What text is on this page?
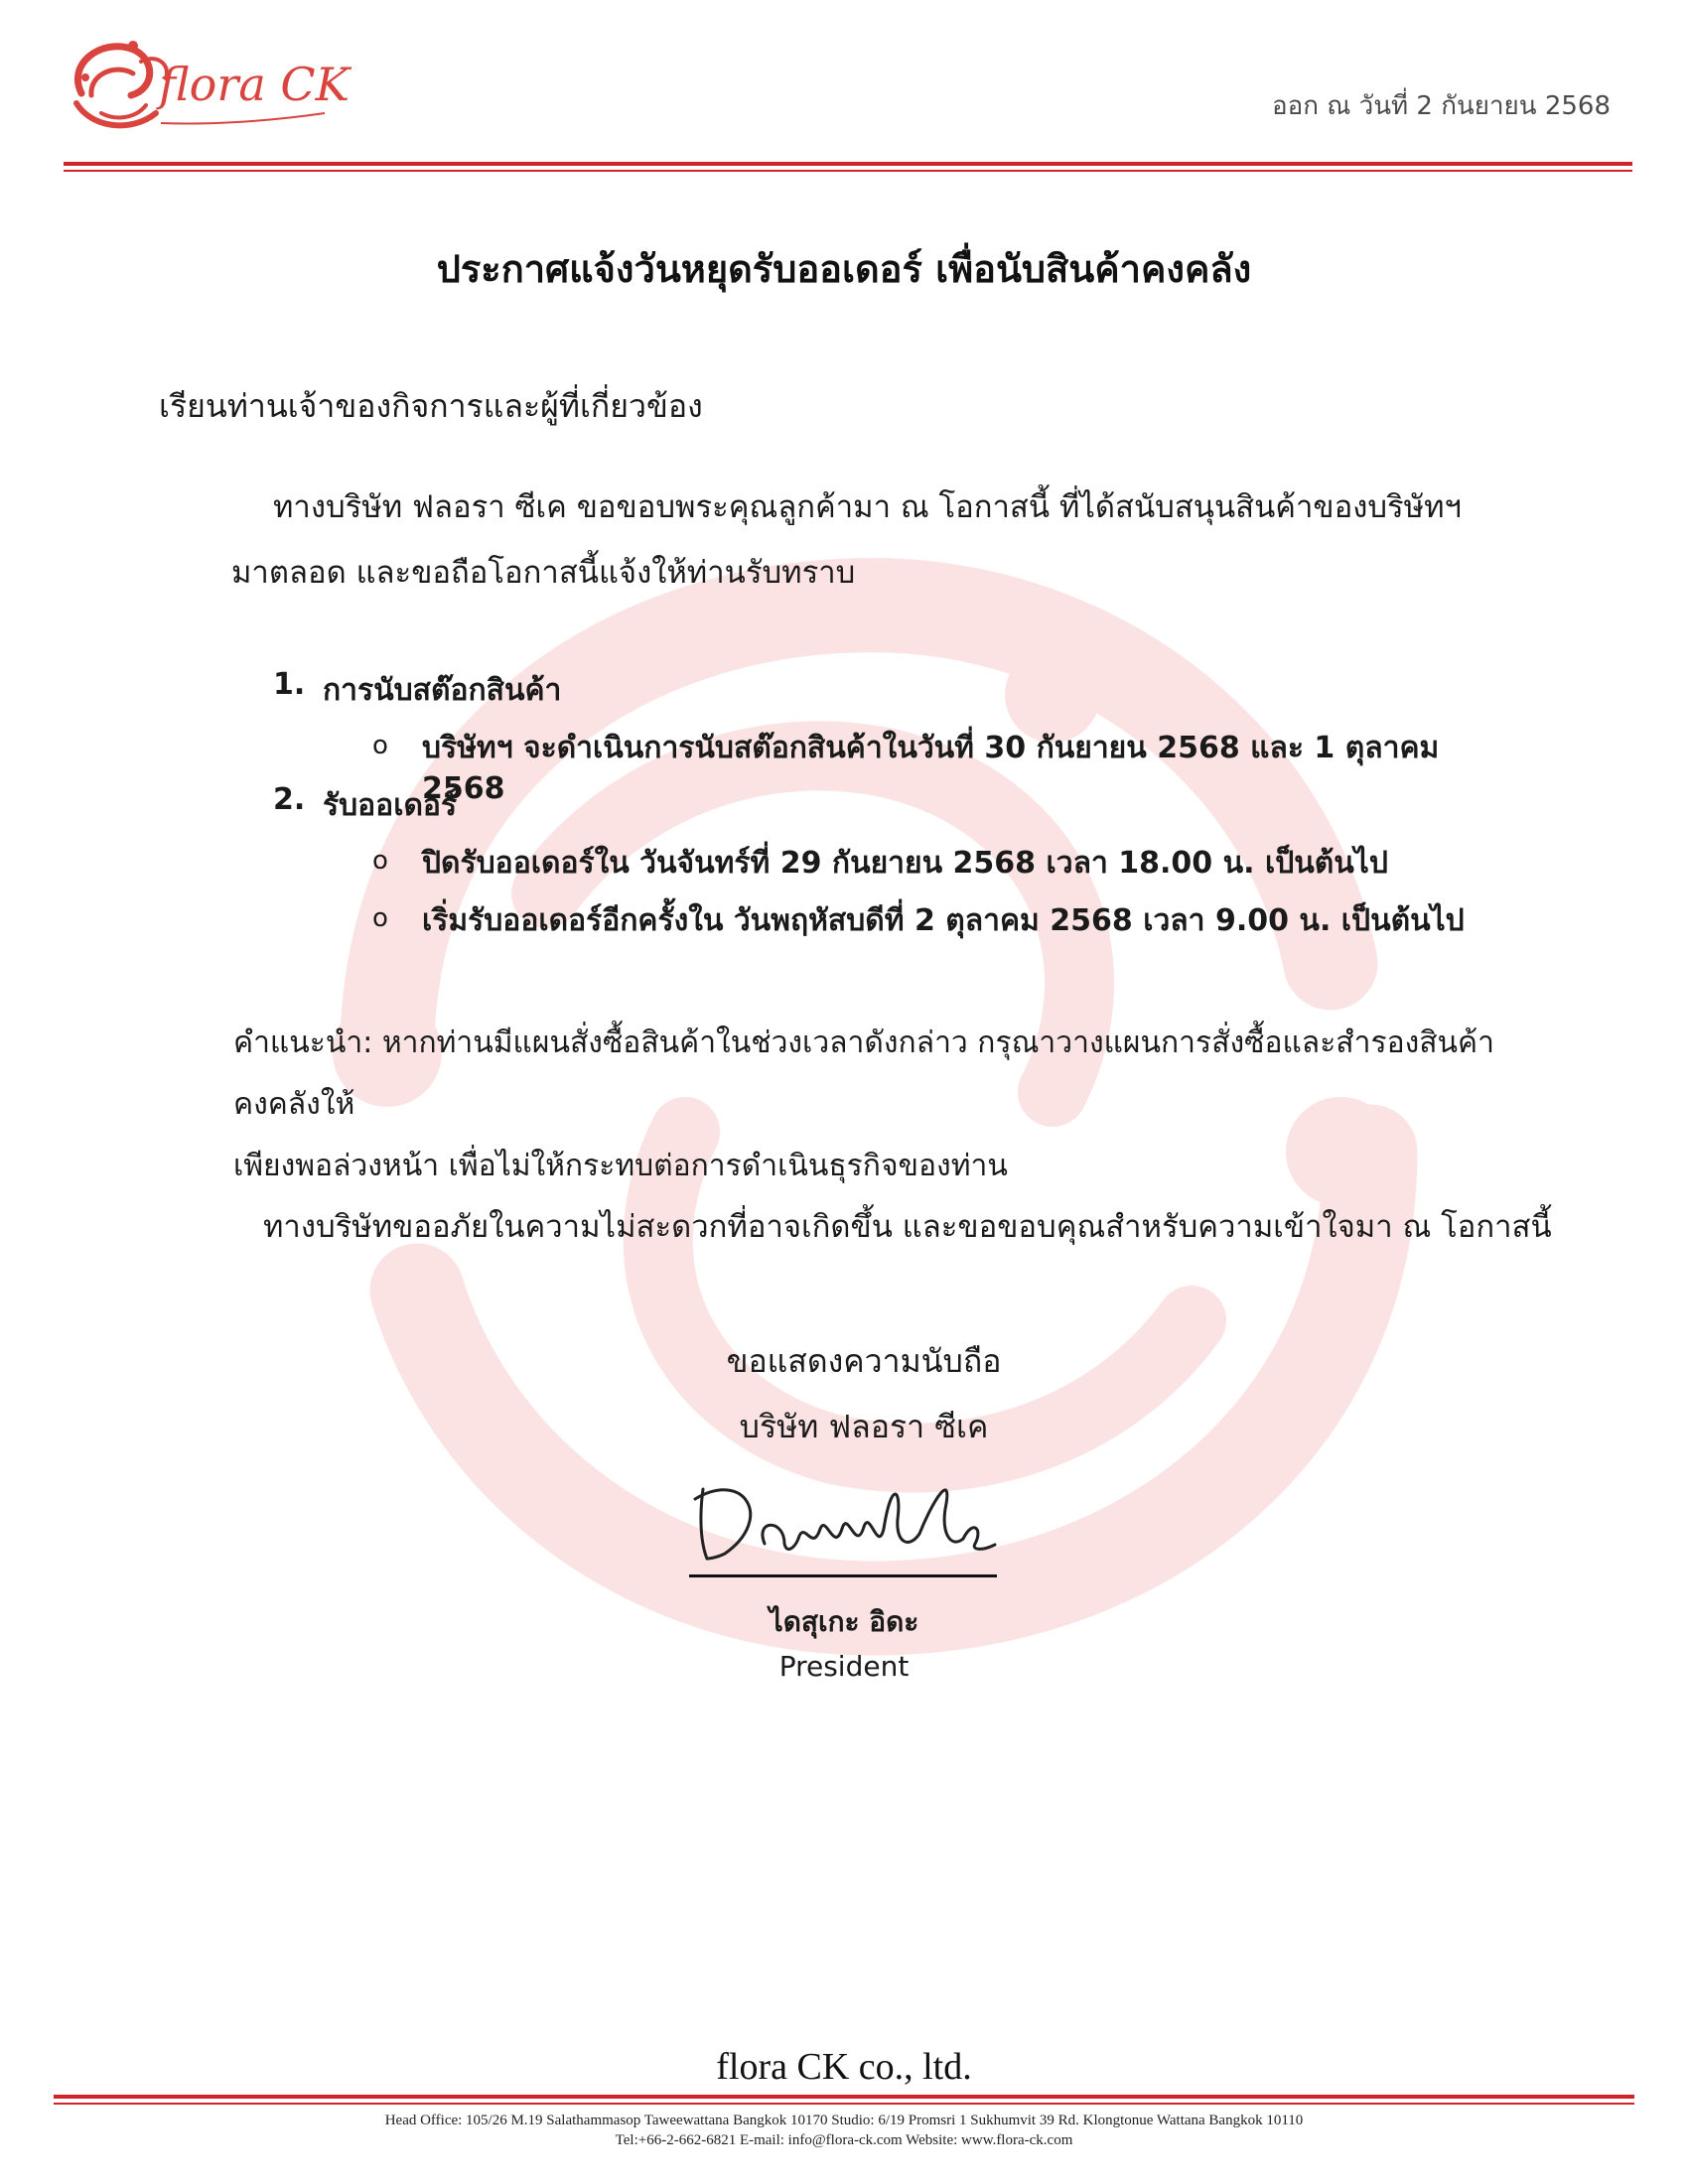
flora CK	ออก ณ วันที่ 2 กันยายน 2568
ประกาศแจ้งวันหยุดรับออเดอร์ เพื่อนับสินค้าคงคลัง
เรียนท่านเจ้าของกิจการและผู้ที่เกี่ยวข้อง
ทางบริษัท ฟลอรา ซีเค ขอขอบพระคุณลูกค้ามา ณ โอกาสนี้ ที่ได้สนับสนุนสินค้าของบริษัทฯ
มาตลอด และขอถือโอกาสนี้แจ้งให้ท่านรับทราบ
1. การนับสต๊อกสินค้า
o บริษัทฯ จะดำเนินการนับสต๊อกสินค้าในวันที่ 30 กันยายน 2568 และ 1 ตุลาคม 2568
2. รับออเดอร์
o ปิดรับออเดอร์ใน วันจันทร์ที่ 29 กันยายน 2568 เวลา 18.00 น. เป็นต้นไป
o เริ่มรับออเดอร์อีกครั้งใน วันพฤหัสบดีที่ 2 ตุลาคม 2568 เวลา 9.00 น. เป็นต้นไป
คำแนะนำ: หากท่านมีแผนสั่งซื้อสินค้าในช่วงเวลาดังกล่าว กรุณาวางแผนการสั่งซื้อและสำรองสินค้าคงคลังให้
เพียงพอล่วงหน้า เพื่อไม่ให้กระทบต่อการดำเนินธุรกิจของท่าน
ทางบริษัทขออภัยในความไม่สะดวกที่อาจเกิดขึ้น และขอขอบคุณสำหรับความเข้าใจมา ณ โอกาสนี้
ขอแสดงความนับถือ
บริษัท ฟลอรา ซีเค
ไดสุเกะ อิดะ
President
flora CK co., ltd.
Head Office: 105/26 M.19 Salathammasop Taweewattana Bangkok 10170 Studio: 6/19 Promsri 1 Sukhumvit 39 Rd. Klongtonue Wattana Bangkok 10110
Tel:+66-2-662-6821 E-mail: info@flora-ck.com Website: www.flora-ck.com
